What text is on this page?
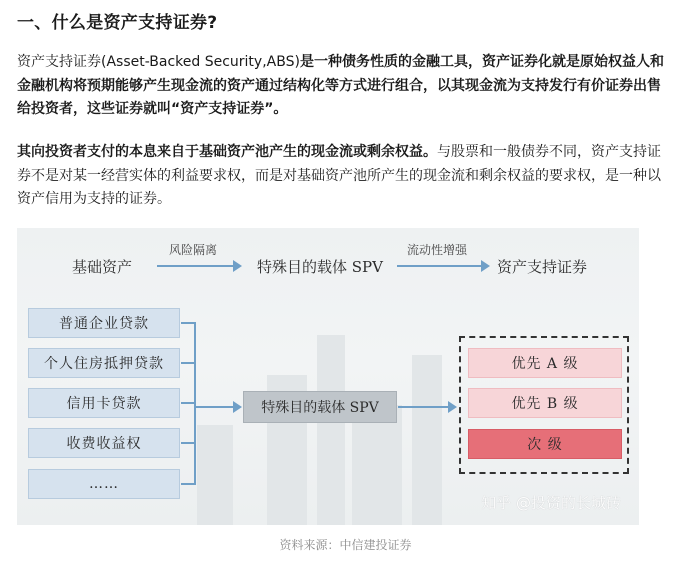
一、什么是资产支持证券?

资产支持证券(Asset-Backed Security,ABS)是一种债务性质的金融工具，资产证券化就是原始权益人和金融机构将预期能够产生现金流的资产通过结构化等方式进行组合，以其现金流为支持发行有价证券出售给投资者，这些证券就叫“资产支持证券”。

其向投资者支付的本息来自于基础资产池产生的现金流或剩余权益。与股票和一般债券不同，资产支持证券不是对某一经营实体的利益要求权，而是对基础资产池所产生的现金流和剩余权益的要求权，是一种以资产信用为支持的证券。

基础资产
风险隔离
特殊目的载体 SPV
流动性增强
资产支持证券
普通企业贷款
个人住房抵押贷款
信用卡贷款
收费收益权
……
特殊目的载体 SPV
优先 A 级
优先 B 级
次 级
知乎 @投资的长城砖
资料来源：中信建投证券
